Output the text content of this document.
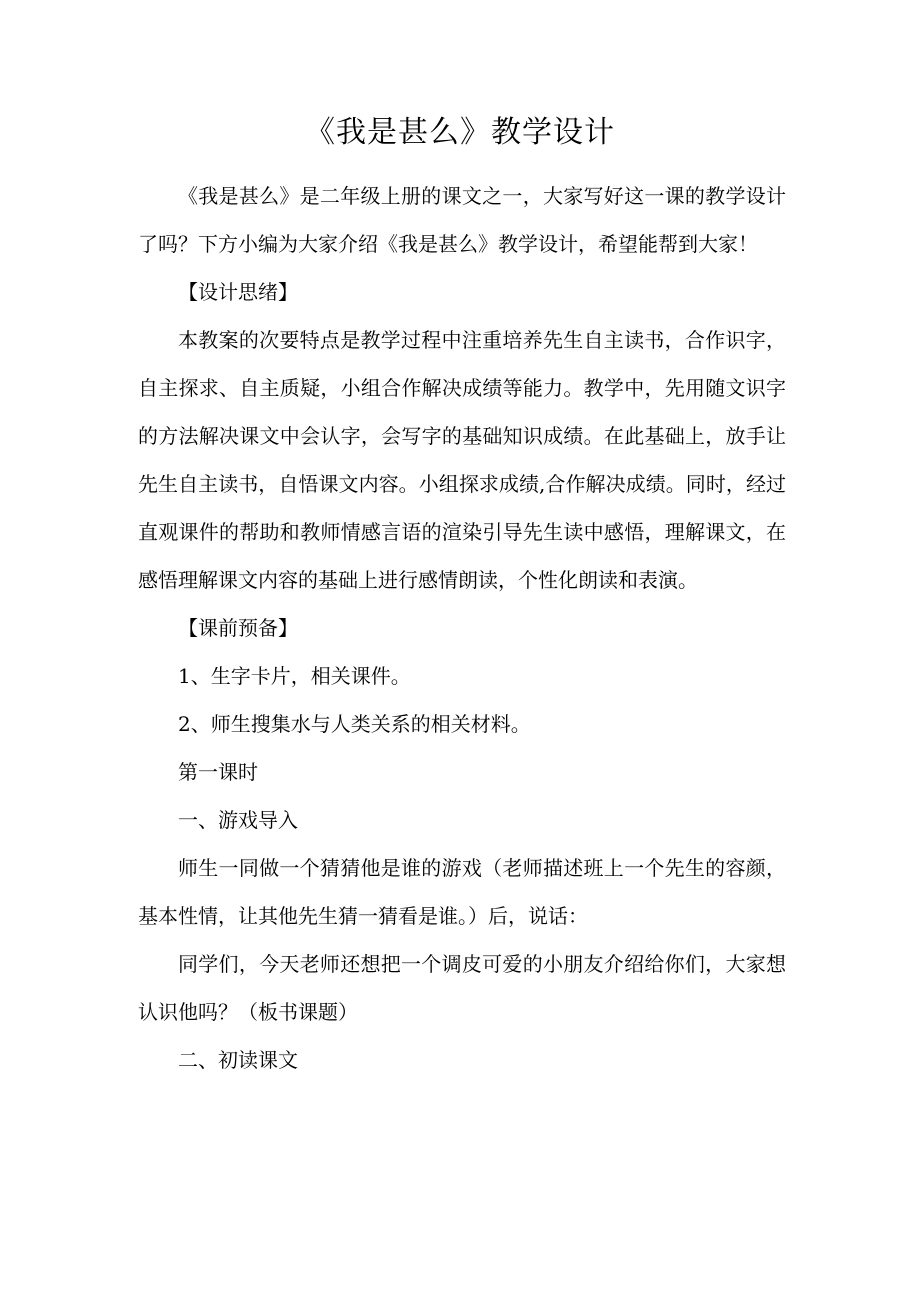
《我是甚么》教学设计

《我是甚么》是二年级上册的课文之一，大家写好这一课的教学设计了吗？下方小编为大家介绍《我是甚么》教学设计，希望能帮到大家！

【设计思绪】

本教案的次要特点是教学过程中注重培养先生自主读书，合作识字，自主探求、自主质疑，小组合作解决成绩等能力。教学中，先用随文识字的方法解决课文中会认字，会写字的基础知识成绩。在此基础上，放手让先生自主读书，自悟课文内容。小组探求成绩,合作解决成绩。同时，经过直观课件的帮助和教师情感言语的渲染引导先生读中感悟，理解课文，在感悟理解课文内容的基础上进行感情朗读，个性化朗读和表演。

【课前预备】

1、生字卡片，相关课件。

2、师生搜集水与人类关系的相关材料。

第一课时

一、游戏导入

师生一同做一个猜猜他是谁的游戏（老师描述班上一个先生的容颜，基本性情，让其他先生猜一猜看是谁。）后，说话：

同学们，今天老师还想把一个调皮可爱的小朋友介绍给你们，大家想认识他吗？（板书课题）

二、初读课文
